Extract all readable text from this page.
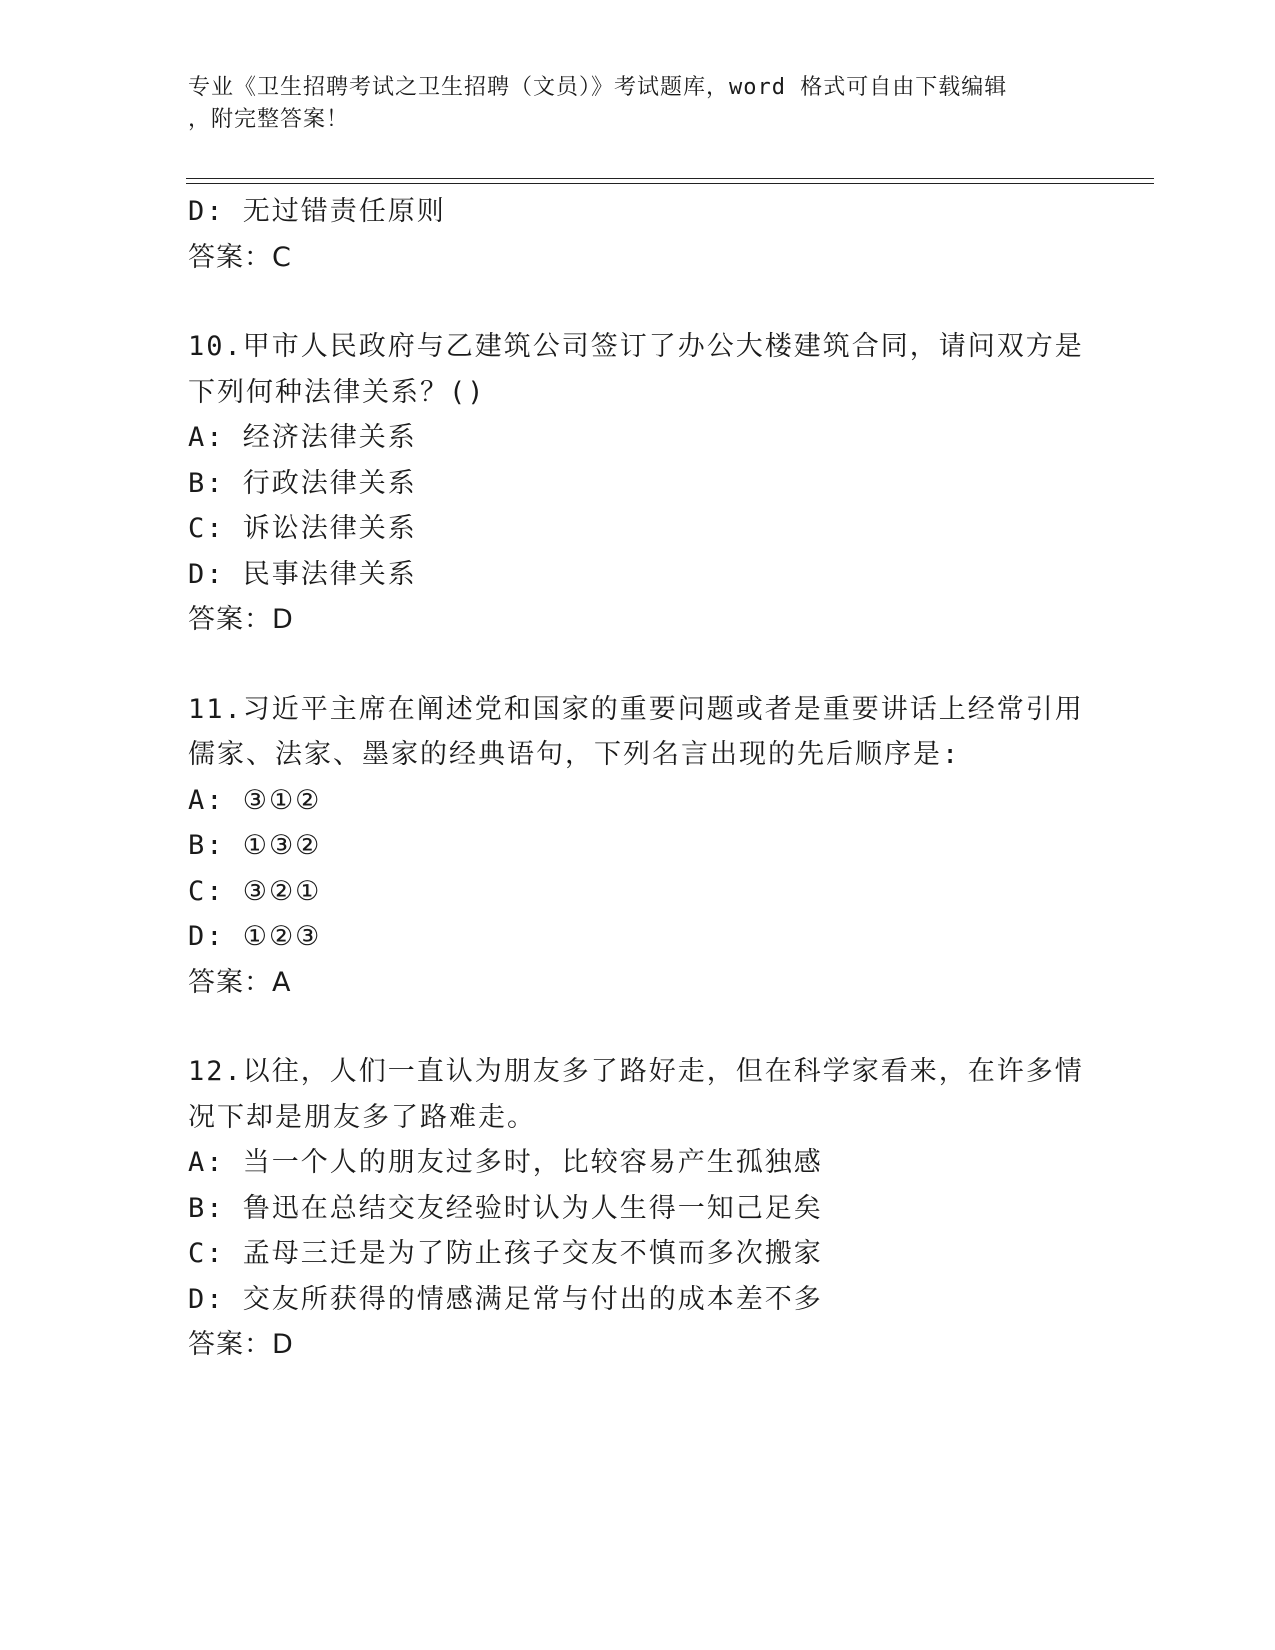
专业《卫生招聘考试之卫生招聘（文员）》考试题库，word 格式可自由下载编辑
，附完整答案！
D: 无过错责任原则
答案：C
10.甲市人民政府与乙建筑公司签订了办公大楼建筑合同，请问双方是
下列何种法律关系？()
A: 经济法律关系
B: 行政法律关系
C: 诉讼法律关系
D: 民事法律关系
答案：D
11.习近平主席在阐述党和国家的重要问题或者是重要讲话上经常引用
儒家、法家、墨家的经典语句，下列名言出现的先后顺序是:
A: ③①②
B: ①③②
C: ③②①
D: ①②③
答案：A
12.以往，人们一直认为朋友多了路好走，但在科学家看来，在许多情
况下却是朋友多了路难走。
A: 当一个人的朋友过多时，比较容易产生孤独感
B: 鲁迅在总结交友经验时认为人生得一知己足矣
C: 孟母三迁是为了防止孩子交友不慎而多次搬家
D: 交友所获得的情感满足常与付出的成本差不多
答案：D
